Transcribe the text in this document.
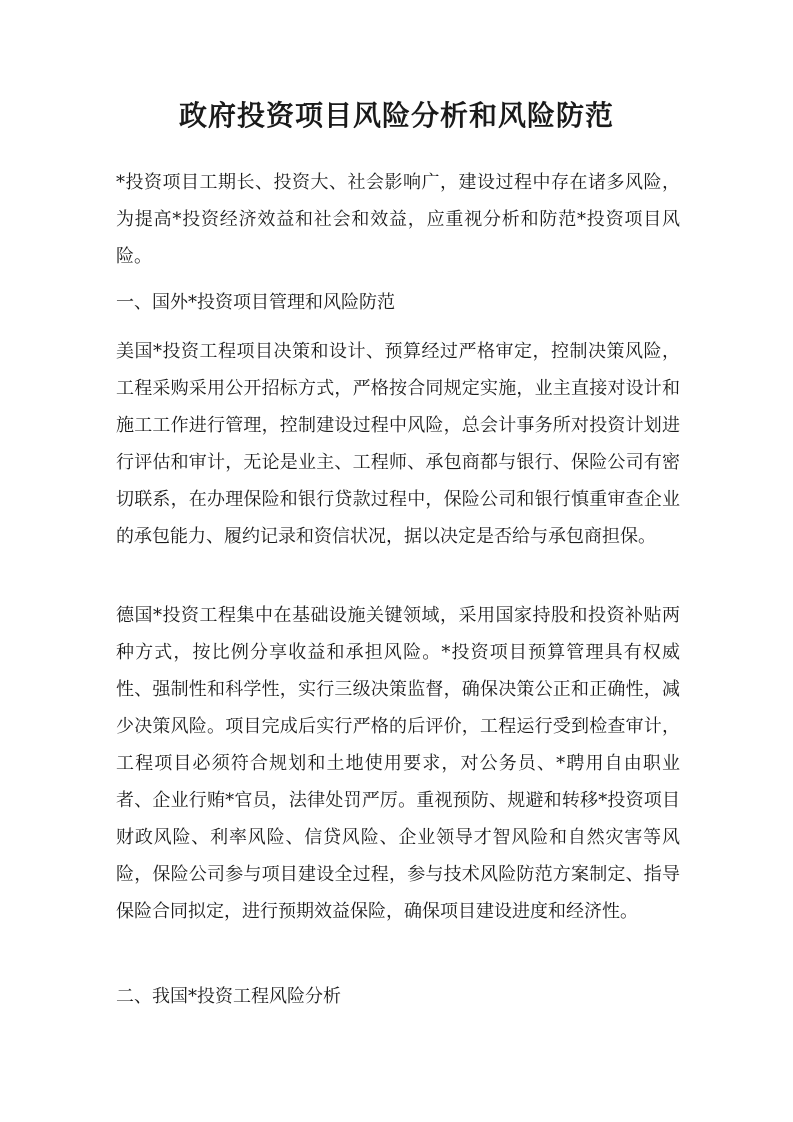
政府投资项目风险分析和风险防范

*投资项目工期长、投资大、社会影响广，建设过程中存在诸多风险，为提高*投资经济效益和社会和效益，应重视分析和防范*投资项目风险。

一、国外*投资项目管理和风险防范

美国*投资工程项目决策和设计、预算经过严格审定，控制决策风险，工程采购采用公开招标方式，严格按合同规定实施，业主直接对设计和施工工作进行管理，控制建设过程中风险，总会计事务所对投资计划进行评估和审计，无论是业主、工程师、承包商都与银行、保险公司有密切联系，在办理保险和银行贷款过程中，保险公司和银行慎重审查企业的承包能力、履约记录和资信状况，据以决定是否给与承包商担保。

德国*投资工程集中在基础设施关键领域，采用国家持股和投资补贴两种方式，按比例分享收益和承担风险。*投资项目预算管理具有权威性、强制性和科学性，实行三级决策监督，确保决策公正和正确性，减少决策风险。项目完成后实行严格的后评价，工程运行受到检查审计，工程项目必须符合规划和土地使用要求，对公务员、*聘用自由职业者、企业行贿*官员，法律处罚严厉。重视预防、规避和转移*投资项目财政风险、利率风险、信贷风险、企业领导才智风险和自然灾害等风险，保险公司参与项目建设全过程，参与技术风险防范方案制定、指导保险合同拟定，进行预期效益保险，确保项目建设进度和经济性。

二、我国*投资工程风险分析
